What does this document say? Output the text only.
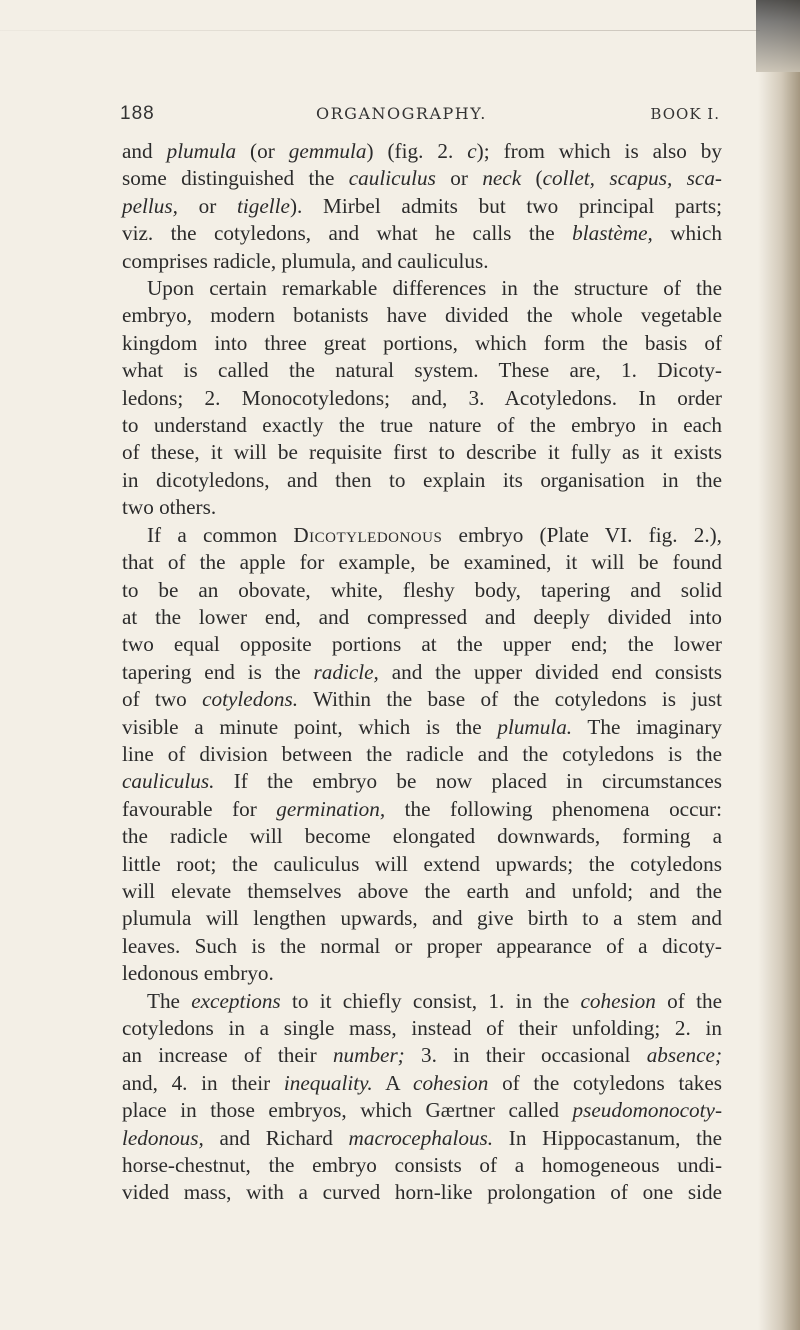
188	ORGANOGRAPHY.	BOOK I.
and plumula (or gemmula) (fig. 2. c); from which is also by
some distinguished the cauliculus or neck (collet, scapus, sca-
pellus, or tigelle). Mirbel admits but two principal parts;
viz. the cotyledons, and what he calls the blastème, which
comprises radicle, plumula, and cauliculus.
Upon certain remarkable differences in the structure of the
embryo, modern botanists have divided the whole vegetable
kingdom into three great portions, which form the basis of
what is called the natural system. These are, 1. Dicoty-
ledons; 2. Monocotyledons; and, 3. Acotyledons. In order
to understand exactly the true nature of the embryo in each
of these, it will be requisite first to describe it fully as it exists
in dicotyledons, and then to explain its organisation in the
two others.
If a common Dicotyledonous embryo (Plate VI. fig. 2.),
that of the apple for example, be examined, it will be found
to be an obovate, white, fleshy body, tapering and solid
at the lower end, and compressed and deeply divided into
two equal opposite portions at the upper end; the lower
tapering end is the radicle, and the upper divided end consists
of two cotyledons. Within the base of the cotyledons is just
visible a minute point, which is the plumula. The imaginary
line of division between the radicle and the cotyledons is the
cauliculus. If the embryo be now placed in circumstances
favourable for germination, the following phenomena occur:
the radicle will become elongated downwards, forming a
little root; the cauliculus will extend upwards; the cotyledons
will elevate themselves above the earth and unfold; and the
plumula will lengthen upwards, and give birth to a stem and
leaves. Such is the normal or proper appearance of a dicoty-
ledonous embryo.
The exceptions to it chiefly consist, 1. in the cohesion of the
cotyledons in a single mass, instead of their unfolding; 2. in
an increase of their number; 3. in their occasional absence;
and, 4. in their inequality. A cohesion of the cotyledons takes
place in those embryos, which Gærtner called pseudomonocoty-
ledonous, and Richard macrocephalous. In Hippocastanum, the
horse-chestnut, the embryo consists of a homogeneous undi-
vided mass, with a curved horn-like prolongation of one side
